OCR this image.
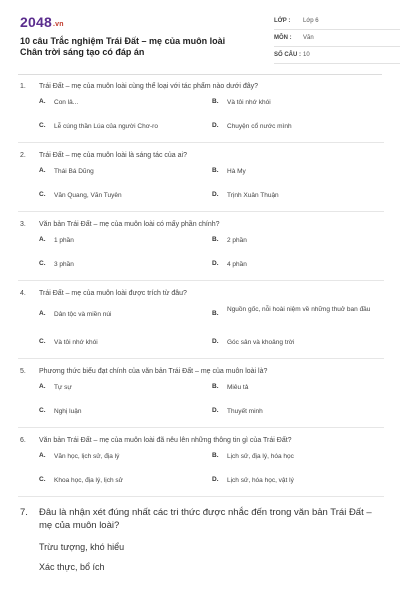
2048.vn
10 câu Trắc nghiệm Trái Đất – mẹ của muôn loài Chân trời sáng tạo có đáp án
LỚP : Lớp 6
MÔN : Văn
SỐ CÂU : 10
1. Trái Đất – mẹ của muôn loài cùng thể loại với tác phẩm nào dưới đây?
A. Con lả...	B. Và tôi nhớ khói
C. Lễ cúng thần Lúa của người Chơ-ro	D. Chuyện cổ nước mình
2. Trái Đất – mẹ của muôn loài là sáng tác của ai?
A. Thái Bá Dũng	B. Hà My
C. Văn Quang, Văn Tuyên	D. Trịnh Xuân Thuận
3. Văn bản Trái Đất – mẹ của muôn loài có mấy phần chính?
A. 1 phần	B. 2 phần
C. 3 phần	D. 4 phần
4. Trái Đất – mẹ của muôn loài được trích từ đâu?
A. Dân tộc và miền núi	B.
Nguồn gốc, nỗi hoài niệm về những thuở ban đầu
C. Và tôi nhớ khói	D. Góc sân và khoảng trời
5. Phương thức biểu đạt chính của văn bản Trái Đất – mẹ của muôn loài là?
A. Tự sự	B. Miêu tả
C. Nghị luận	D. Thuyết minh
6. Văn bản Trái Đất – mẹ của muôn loài đã nêu lên những thông tin gì của Trái Đất?
A. Văn học, lịch sử, địa lý	B. Lịch sử, địa lý, hóa học
C. Khoa học, địa lý, lịch sử	D. Lịch sử, hóa học, vật lý
7. Đâu là nhận xét đúng nhất các tri thức được nhắc đến trong văn bản Trái Đất – mẹ của muôn loài?
Trừu tượng, khó hiểu
Xác thực, bổ ích
